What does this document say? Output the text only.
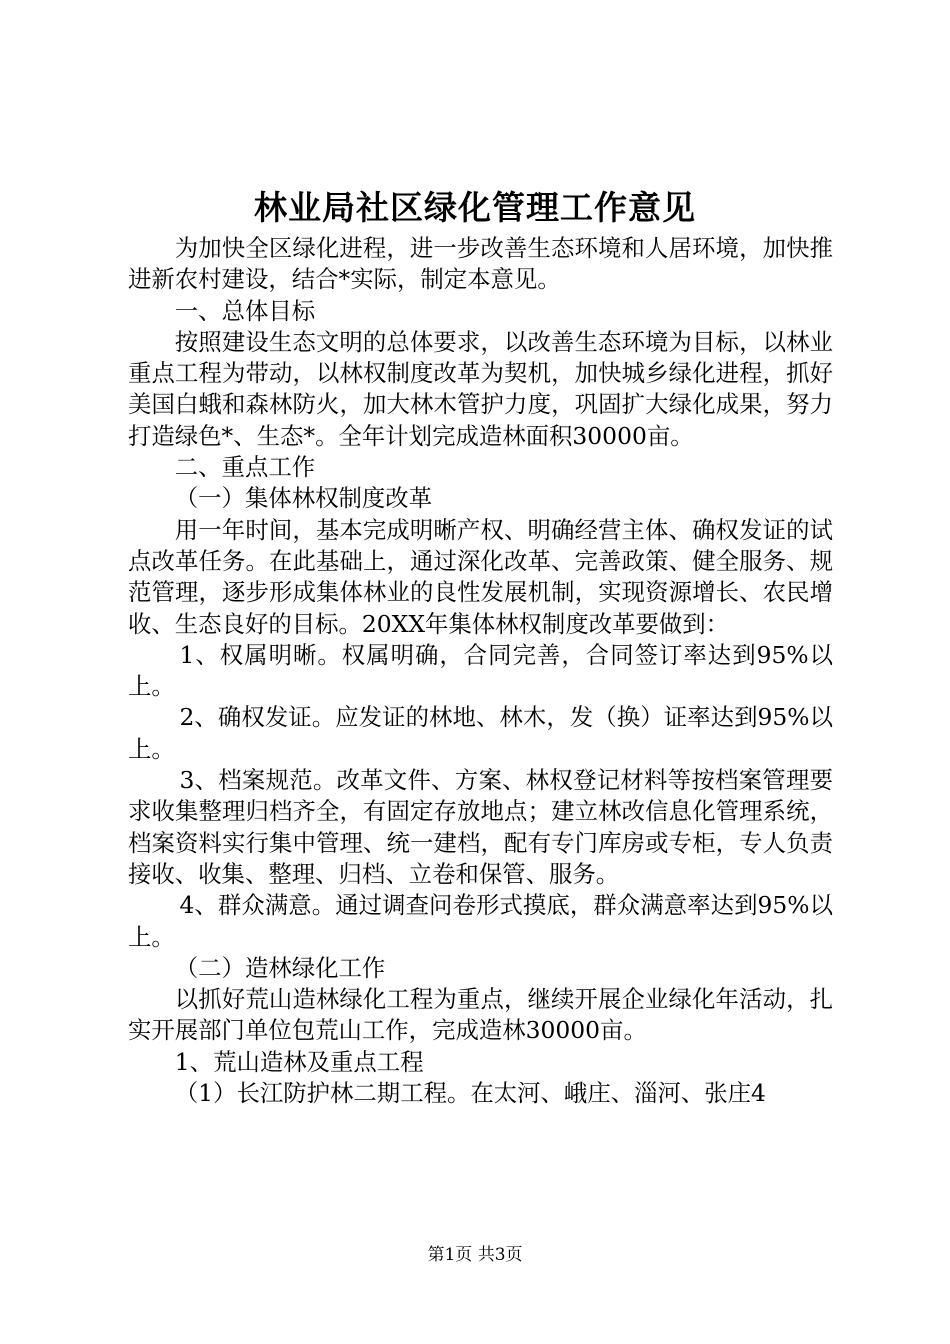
林业局社区绿化管理工作意见

为加快全区绿化进程，进一步改善生态环境和人居环境，加快推进新农村建设，结合*实际，制定本意见。

一、总体目标

按照建设生态文明的总体要求，以改善生态环境为目标，以林业重点工程为带动，以林权制度改革为契机，加快城乡绿化进程，抓好美国白蛾和森林防火，加大林木管护力度，巩固扩大绿化成果，努力打造绿色*、生态*。全年计划完成造林面积30000亩。

二、重点工作

（一）集体林权制度改革

用一年时间，基本完成明晰产权、明确经营主体、确权发证的试点改革任务。在此基础上，通过深化改革、完善政策、健全服务、规范管理，逐步形成集体林业的良性发展机制，实现资源增长、农民增收、生态良好的目标。20XX年集体林权制度改革要做到：

1、权属明晰。权属明确，合同完善，合同签订率达到95%以上。

2、确权发证。应发证的林地、林木，发（换）证率达到95%以上。

3、档案规范。改革文件、方案、林权登记材料等按档案管理要求收集整理归档齐全，有固定存放地点；建立林改信息化管理系统，档案资料实行集中管理、统一建档，配有专门库房或专柜，专人负责接收、收集、整理、归档、立卷和保管、服务。

4、群众满意。通过调查问卷形式摸底，群众满意率达到95%以上。

（二）造林绿化工作

以抓好荒山造林绿化工程为重点，继续开展企业绿化年活动，扎实开展部门单位包荒山工作，完成造林30000亩。

1、荒山造林及重点工程

（1）长江防护林二期工程。在太河、峨庄、淄河、张庄4

第1页 共3页
